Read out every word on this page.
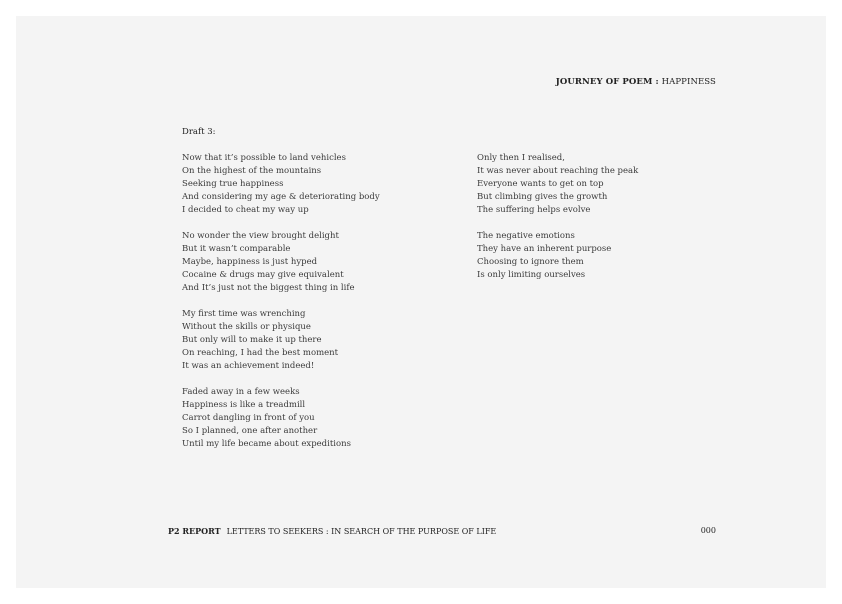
JOURNEY OF POEM : HAPPINESS
Draft 3:
Now that it’s possible to land vehicles
On the highest of the mountains
Seeking true happiness
And considering my age & deteriorating body
I decided to cheat my way up
No wonder the view brought delight
But it wasn’t comparable
Maybe, happiness is just hyped
Cocaine & drugs may give equivalent
And It’s just not the biggest thing in life
My first time was wrenching
Without the skills or physique
But only will to make it up there
On reaching, I had the best moment
It was an achievement indeed!
Faded away in a few weeks
Happiness is like a treadmill
Carrot dangling in front of you
So I planned, one after another
Until my life became about expeditions
Only then I realised,
It was never about reaching the peak
Everyone wants to get on top
But climbing gives the growth
The suffering helps evolve
The negative emotions
They have an inherent purpose
Choosing to ignore them
Is only limiting ourselves
P2 REPORT LETTERS TO SEEKERS : IN SEARCH OF THE PURPOSE OF LIFE	000
